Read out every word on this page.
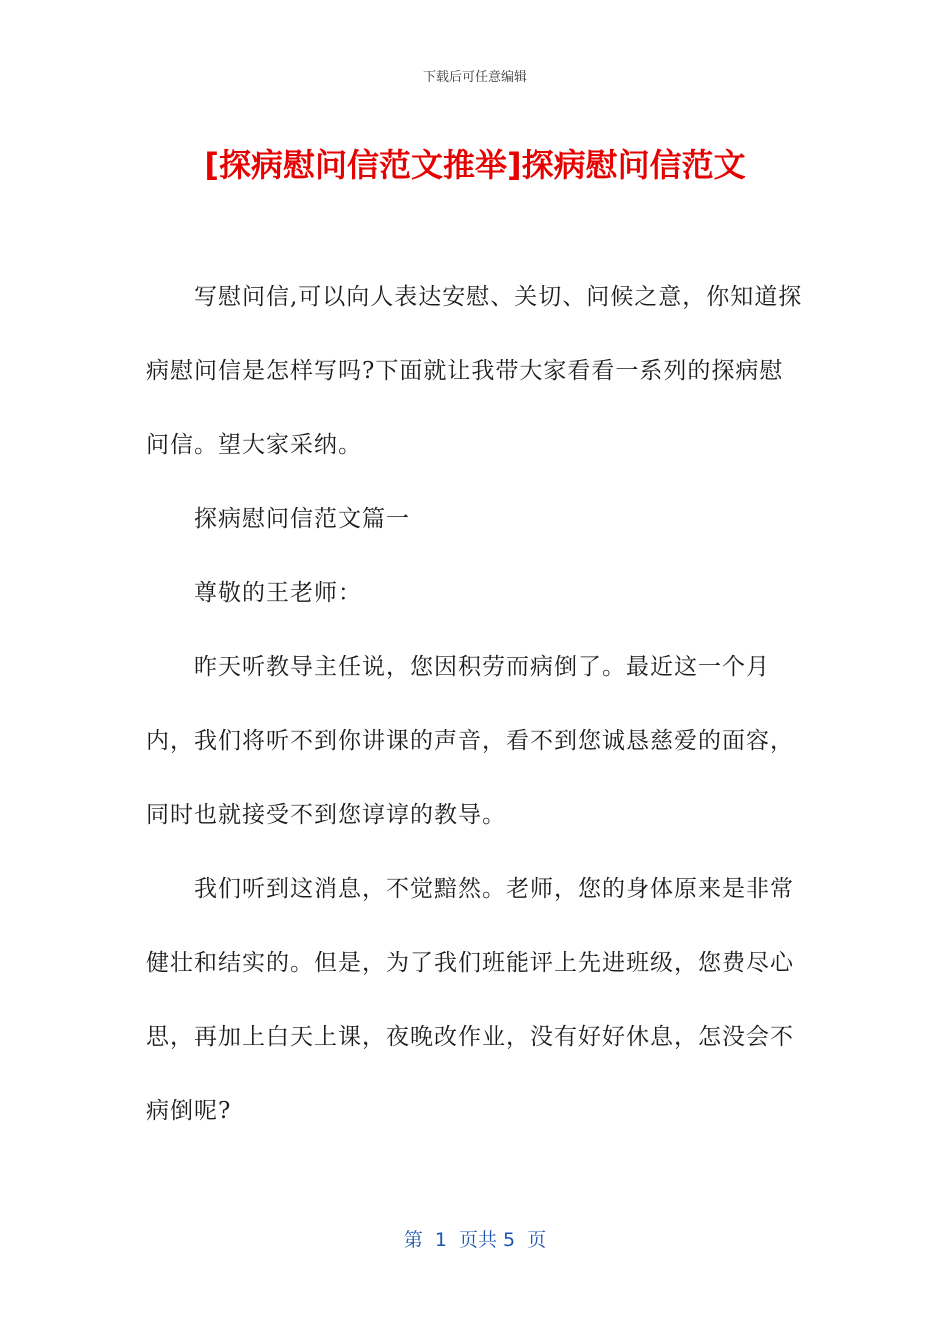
下载后可任意编辑
[探病慰问信范文推举]探病慰问信范文

写慰问信,可以向人表达安慰、关切、问候之意，你知道探病慰问信是怎样写吗?下面就让我带大家看看一系列的探病慰问信。望大家采纳。

探病慰问信范文篇一

尊敬的王老师：

昨天听教导主任说，您因积劳而病倒了。最近这一个月内，我们将听不到你讲课的声音，看不到您诚恳慈爱的面容，同时也就接受不到您谆谆的教导。

我们听到这消息，不觉黯然。老师，您的身体原来是非常健壮和结实的。但是，为了我们班能评上先进班级，您费尽心思，再加上白天上课，夜晚改作业，没有好好休息，怎没会不病倒呢?

第  1  页共 5  页
